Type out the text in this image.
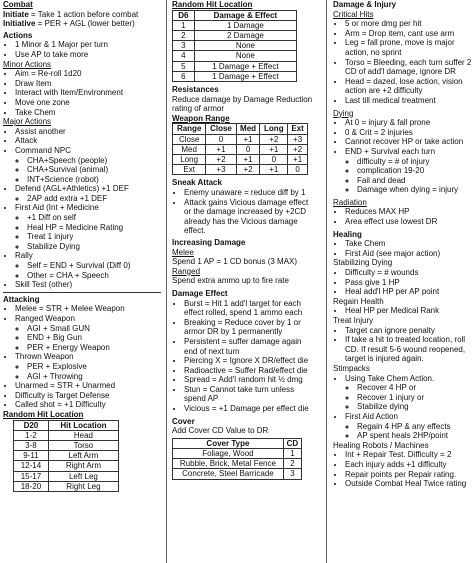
Combat
Initiate = Take 1 action before combat
Initiative = PER + AGL (lower better)
Actions
• 1 Minor & 1 Major per turn
• Use AP to take more
Minor Actions
• Aim = Re-roll 1d20
• Draw Item
• Interact with Item/Environment
• Move one zone
• Take Chem
Major Actions
• Assist another
• Attack
• Command NPC
◦ CHA+Speech (people)
◦ CHA+Survival (animal)
◦ INT+Science (robot)
• Defend (AGL+Athletics) +1 DEF
◦ 2AP add extra +1 DEF
• First Aid (Int + Medicine
◦ +1 Diff on self
◦ Heal HP = Medicine Rating
◦ Treat 1 injury
◦ Stabilize Dying
• Rally
◦ Self = END + Survival (Diff 0)
◦ Other = CHA + Speech
• Skill Test (other)
Attacking
• Melee = STR + Melee Weapon
• Ranged Weapon
◦ AGI + Small GUN
◦ END + Big Gun
◦ PER + Energy Weapon
• Thrown Weapon
◦ PER + Explosive
◦ AGI + Throwing
• Unarmed = STR + Unarmed
• Difficulty is Target Defense
• Called shot = +1 Difficulty
Random Hit Location
D20	Hit Location
1-2	Head
3-8	Torso
9-11	Left Arm
12-14	Right Arm
15-17	Left Leg
18-20	Right Leg
Random Hit Location
D6	Damage & Effect
1	1 Damage
2	2 Damage
3	None
4	None
5	1 Damage + Effect
6	1 Damage + Effect
Resistances
Reduce damage by Damage Reduction rating of armor
Weapon Range
Range	Close	Med	Long	Ext
Close	0	+1	+2	+3
Med	+1	0	+1	+2
Long	+2	+1	0	+1
Ext	+3	+2	+1	0
Sneak Attack
• Enemy unaware = reduce diff by 1
• Attack gains Vicious damage effect or the damage increased by +2CD already has the Vicious damage effect.
Increasing Damage
Melee
Spend 1 AP = 1 CD bonus (3 MAX)
Ranged
Spend extra ammo up to fire rate
Damage Effect
• Burst = Hit 1 add'l target for each effect rolled, spend 1 ammo each
• Breaking = Reduce cover by 1 or armor DR by 1 permanently
• Persistent = suffer damage again end of next turn
• Piercing X = Ignore X DR/effect die
• Radioactive = Suffer Rad/effect die
• Spread = Add'l random hit ½ dmg
• Stun = Cannot take turn unless spend AP
• Vicious = +1 Damage per effect die
Cover
Add Cover CD Value to DR
Cover Type	CD
Foliage, Wood	1
Rubble, Brick, Metal Fence	2
Concrete, Steel Barricade	3
Damage & Injury
Critical Hits
• 5 or more dmg per hit
• Arm = Drop item, cant use arm
• Leg = fall prone, move is major action, no sprint
• Torso = Bleeding, each turn suffer 2 CD of add'l damage, ignore DR
• Head = dazed, lose action, vision action are +2 difficulty
• Last till medical treatment
Dying
• At 0 = injury & fall prone
• 0 & Crit = 2 injuries
• Cannot recover HP or take action
• END + Survival each turn
◦ difficulty = # of injury
◦ complication 19-20
◦ Fail and dead
◦ Damage when dying = injury
Radiation
• Reduces MAX HP
• Area effect use lowest DR
Healing
• Take Chem
• First Aid (see major action)
Stabilizing Dying
• Difficulty = # wounds
• Pass give 1 HP
• Heal add'l HP per AP point
Regain Health
• Heal HP per Medical Rank
Treat Injury
• Target can ignore penalty
• If take a hit to treated location, roll CD. If result 5-6 wound reopened, target is injured again.
Stimpacks
• Using Take Chem Action.
◦ Recover 4 HP or
◦ Recover 1 injury or
◦ Stabilize dying
• First Aid Action
◦ Regain 4 HP & any effects
◦ AP spent heals 2HP/point
Healing Robots / Machines
• Int + Repair Test. Difficulty = 2
• Each injury adds +1 difficulty
• Repair points per Repair rating.
• Outside Combat Heal Twice rating
